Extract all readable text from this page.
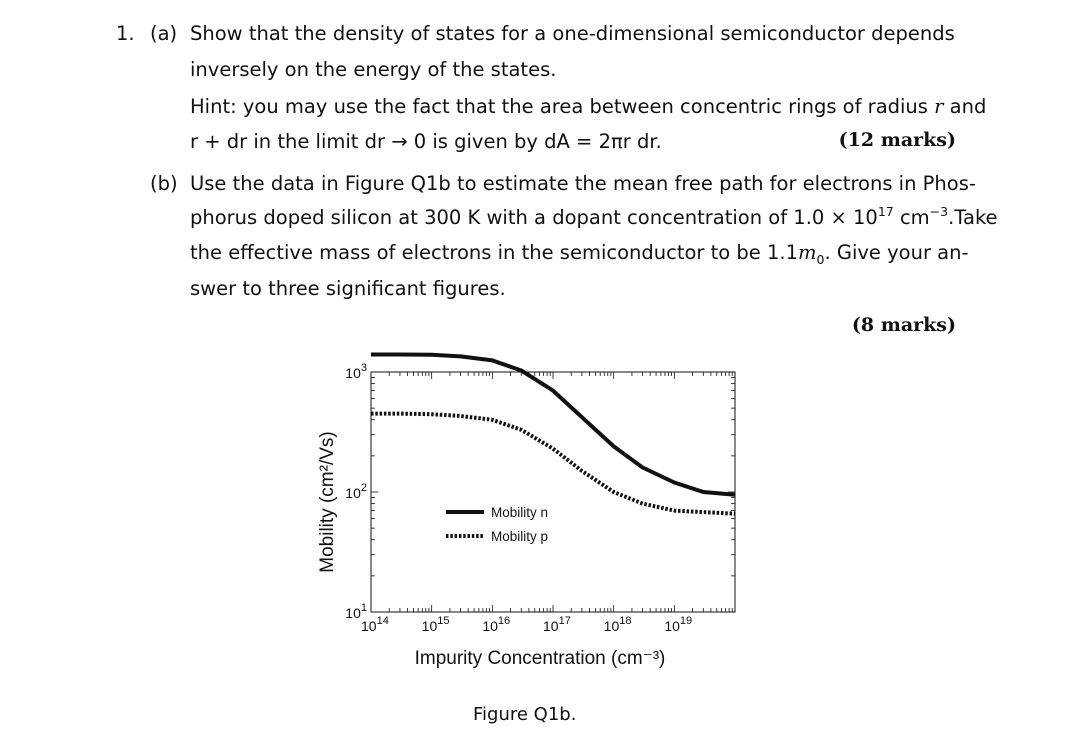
1. (a) Show that the density of states for a one-dimensional semiconductor depends
inversely on the energy of the states.
Hint: you may use the fact that the area between concentric rings of radius r and
r + dr in the limit dr → 0 is given by dA = 2πr dr.	(12 marks)
(b) Use the data in Figure Q1b to estimate the mean free path for electrons in Phos-
phorus doped silicon at 300 K with a dopant concentration of $1.0 \times 10^{17}$ $cm^{-3}.Take$
the effective mass of electrons in the semiconductor to be $1.1m_0$. Give your an-
swer to three significant figures.
(8 marks)
$10^3$
$10^2$
$10^1$
$10^{14}$ $10^{15}$ $10^{16}$ $10^{17}$ $10^{18}$ $10^{19}$
Impurity Concentration (cm⁻³)
Mobility (cm²/Vs)	Mobility n
Mobility p
Figure Q1b.
